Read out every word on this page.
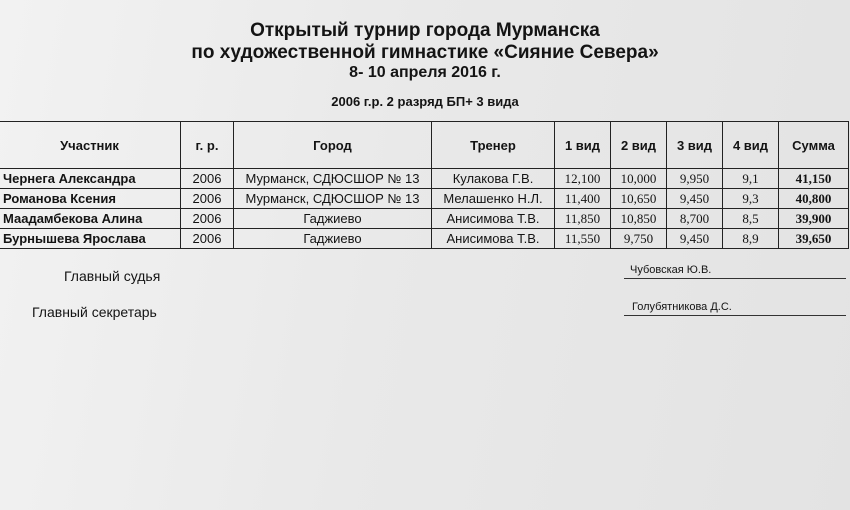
Открытый турнир города Мурманска
по художественной гимнастике «Сияние Севера»
8- 10 апреля 2016 г.
2006 г.р. 2 разряд БП+ 3 вида
Участник	г. р.	Город	Тренер	1 вид	2 вид	3 вид	4 вид	Сумма
Чернега Александра	2006	Мурманск, СДЮСШОР № 13	Кулакова Г.В.	12,100	10,000	9,950	9,1	41,150
Романова Ксения	2006	Мурманск, СДЮСШОР № 13	Мелашенко Н.Л.	11,400	10,650	9,450	9,3	40,800
Маадамбекова Алина	2006	Гаджиево	Анисимова Т.В.	11,850	10,850	8,700	8,5	39,900
Бурнышева Ярослава	2006	Гаджиево	Анисимова Т.В.	11,550	9,750	9,450	8,9	39,650
Главный судья	Чубовская Ю.В.
Главный секретарь	Голубятникова Д.С.
